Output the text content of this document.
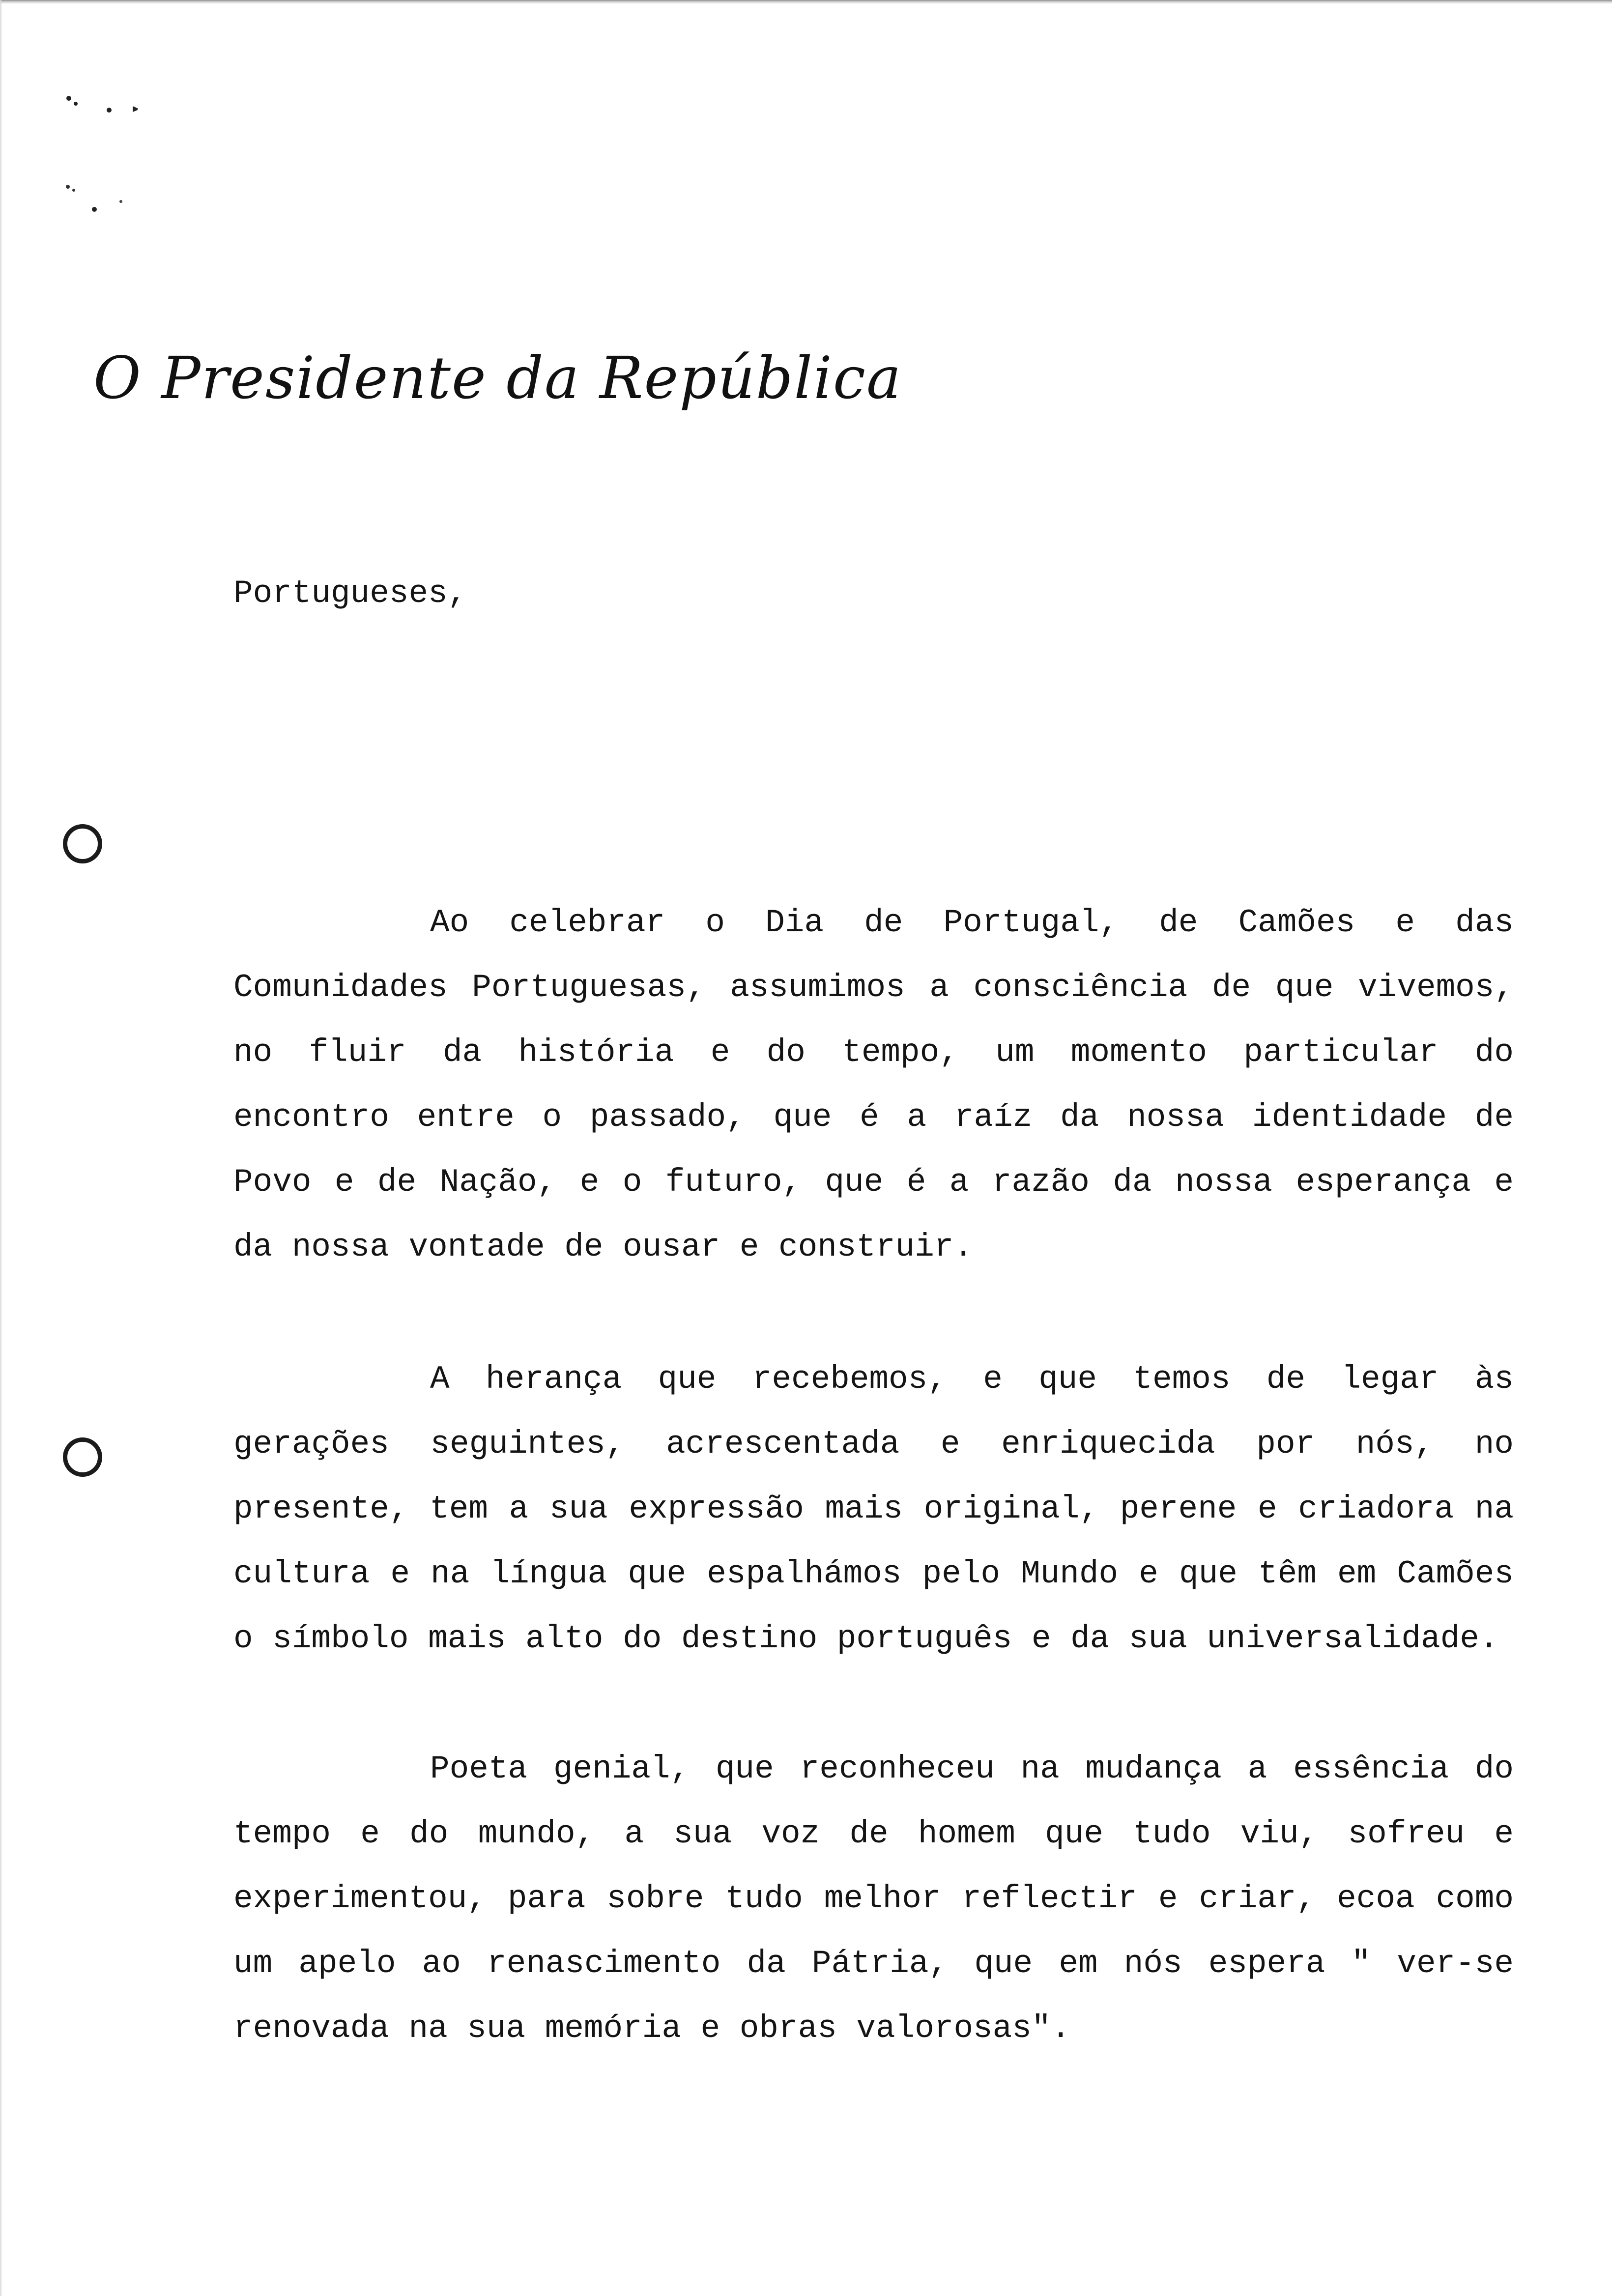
O Presidente da República
Portugueses,

Ao celebrar o Dia de Portugal, de Camões e das Comunidades Portuguesas, assumimos a consciência de que vivemos, no fluir da história e do tempo, um momento particular do encontro entre o passado, que é a raíz da nossa identidade de Povo e de Nação, e o futuro, que é a razão da nossa esperança e da nossa vontade de ousar e construir.

A herança que recebemos, e que temos de legar às gerações seguintes, acrescentada e enriquecida por nós, no presente, tem a sua expressão mais original, perene e criadora na cultura e na língua que espalhámos pelo Mundo e que têm em Camões o símbolo mais alto do destino português e da sua universalidade.

Poeta genial, que reconheceu na mudança a essência do tempo e do mundo, a sua voz de homem que tudo viu, sofreu e experimentou, para sobre tudo melhor reflectir e criar, ecoa como um apelo ao renascimento da Pátria, que em nós espera " ver-se renovada na sua memória e obras valorosas".
